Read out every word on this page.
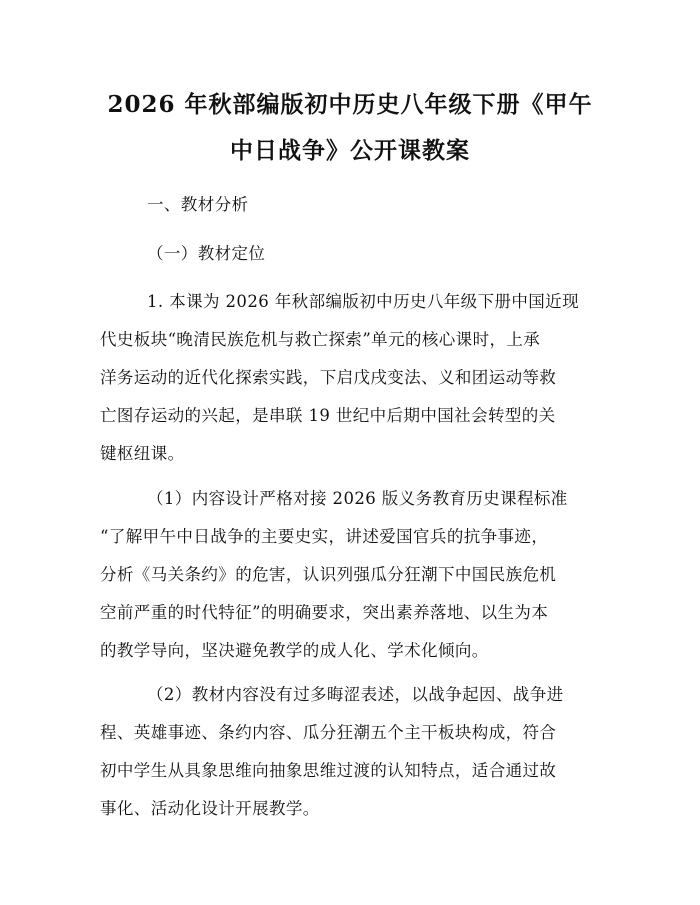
2026 年秋部编版初中历史八年级下册《甲午
中日战争》公开课教案
一、教材分析
（一）教材定位
1. 本课为 2026 年秋部编版初中历史八年级下册中国近现
代史板块“晚清民族危机与救亡探索”单元的核心课时，上承
洋务运动的近代化探索实践，下启戊戌变法、义和团运动等救
亡图存运动的兴起，是串联 19 世纪中后期中国社会转型的关
键枢纽课。
（1）内容设计严格对接 2026 版义务教育历史课程标准
“了解甲午中日战争的主要史实，讲述爱国官兵的抗争事迹，
分析《马关条约》的危害，认识列强瓜分狂潮下中国民族危机
空前严重的时代特征”的明确要求，突出素养落地、以生为本
的教学导向，坚决避免教学的成人化、学术化倾向。
（2）教材内容没有过多晦涩表述，以战争起因、战争进
程、英雄事迹、条约内容、瓜分狂潮五个主干板块构成，符合
初中学生从具象思维向抽象思维过渡的认知特点，适合通过故
事化、活动化设计开展教学。
